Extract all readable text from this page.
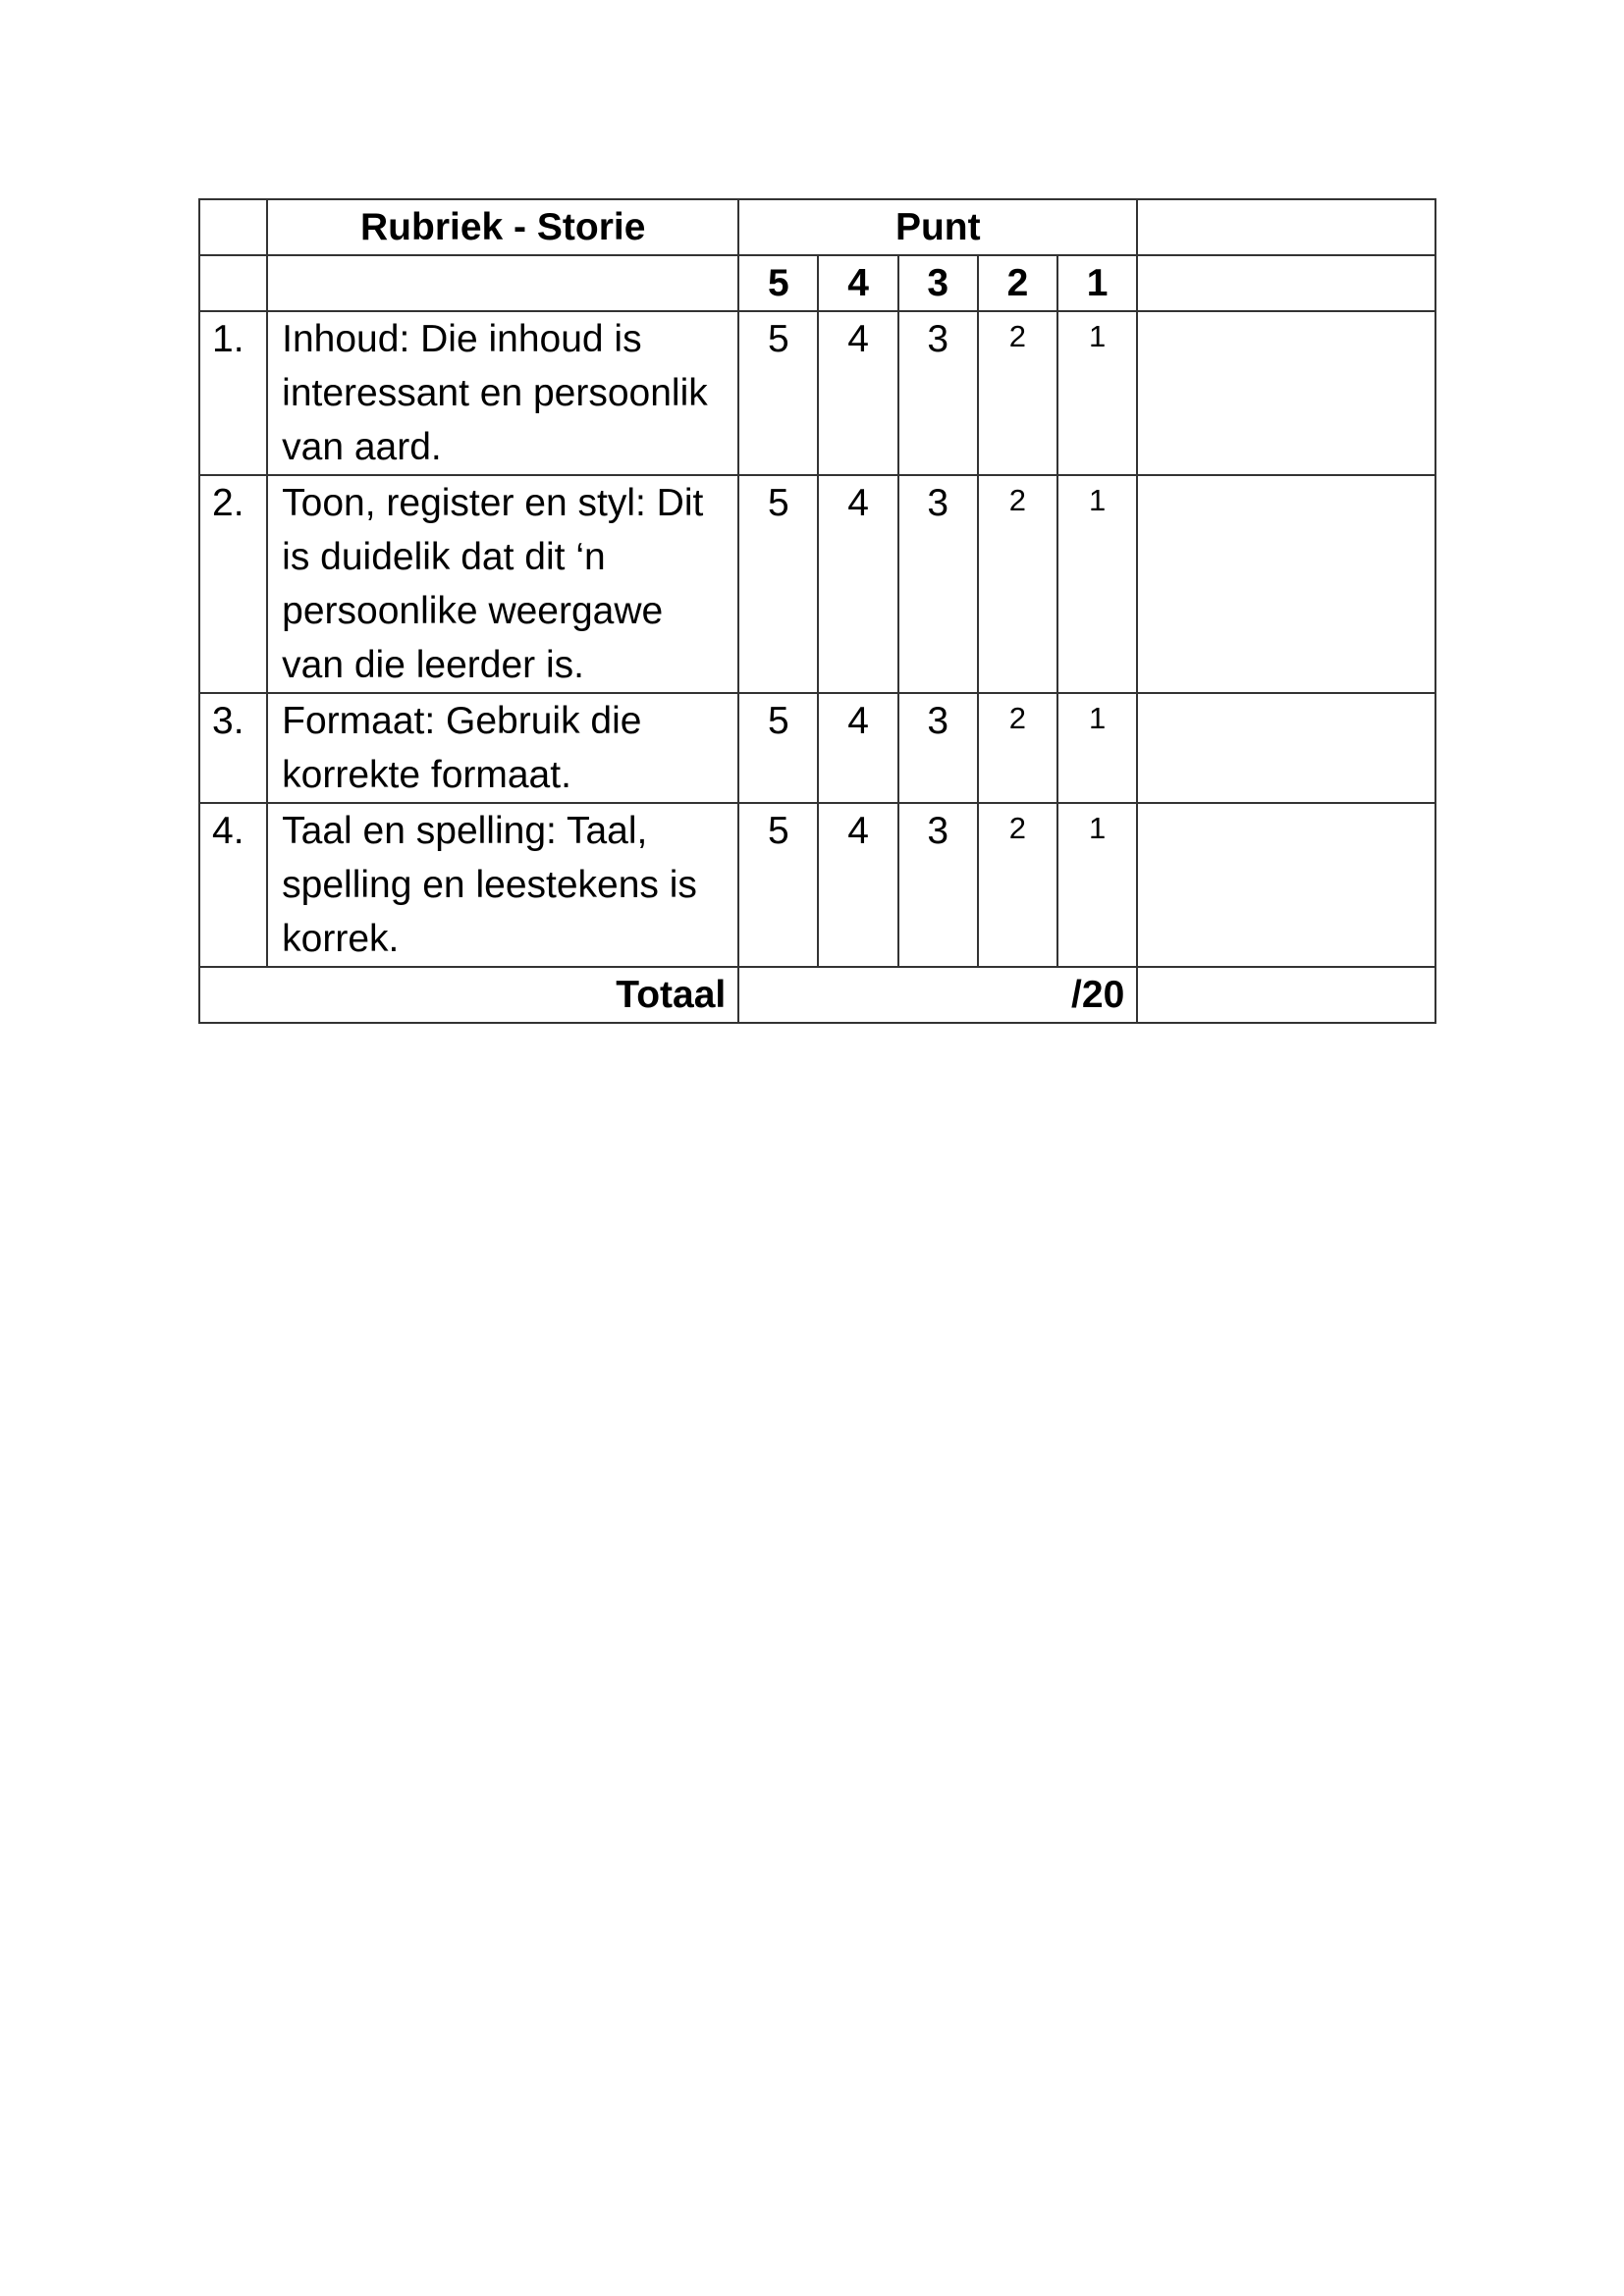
	Rubriek - Storie	Punt					
		5	4	3	2	1	
1.	Inhoud: Die inhoud is interessant en persoonlik van aard.	5	4	3	2	1	
2.	Toon, register en styl: Dit is duidelik dat dit ‘n persoonlike weergawe van die leerder is.	5	4	3	2	1	
3.	Formaat: Gebruik die korrekte formaat.	5	4	3	2	1	
4.	Taal en spelling: Taal, spelling en leestekens is korrek.	5	4	3	2	1	
Totaal		/20					
